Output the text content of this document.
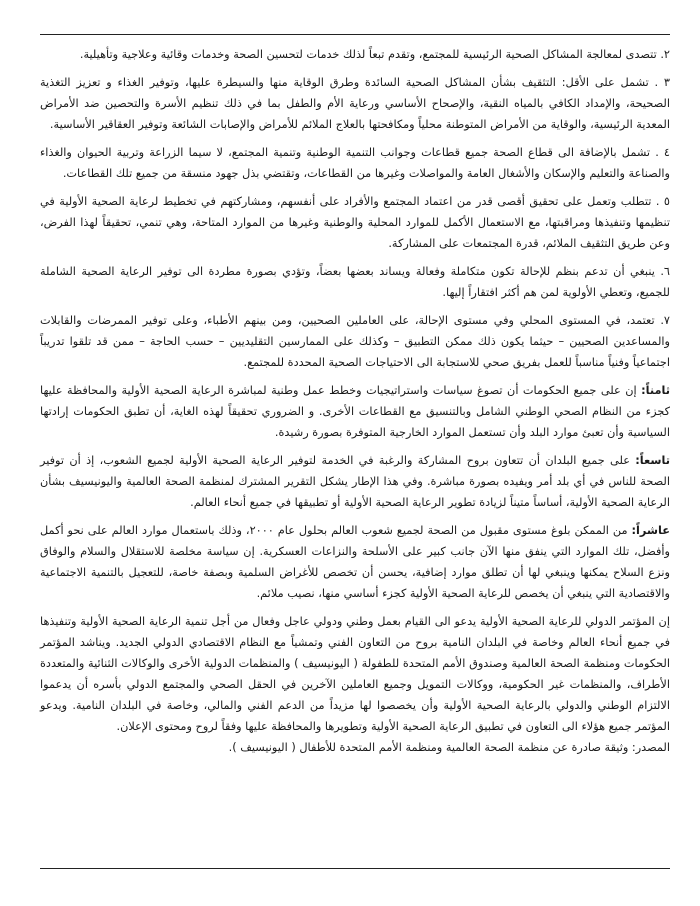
٢. تتصدى لمعالجة المشاكل الصحية الرئيسية للمجتمع، وتقدم تبعاً لذلك خدمات لتحسين الصحة وخدمات وقائية وعلاجية وتأهيلية.

٣ . تشمل على الأقل: التثقيف بشأن المشاكل الصحية السائدة وطرق الوقاية منها والسيطرة عليها، وتوفير الغذاء و تعزيز التغذية الصحيحة، والإمداد الكافي بالمياه النقية، والإصحاح الأساسي ورعاية الأم والطفل بما في ذلك تنظيم الأسرة والتحصين ضد الأمراض المعدية الرئيسية، والوقاية من الأمراض المتوطنة محلياً ومكافحتها بالعلاج الملائم للأمراض والإصابات الشائعة وتوفير العقاقير الأساسية.

٤ . تشمل بالإضافة الى قطاع الصحة جميع قطاعات وجوانب التنمية الوطنية وتنمية المجتمع، لا سيما الزراعة وتربية الحيوان والغذاء والصناعة والتعليم والإسكان والأشغال العامة والمواصلات وغيرها من القطاعات، وتقتضي بذل جهود منسقة من جميع تلك القطاعات.

٥ . تتطلب وتعمل على تحقيق أقصى قدر من اعتماد المجتمع والأفراد على أنفسهم، ومشاركتهم في تخطيط لرعاية الصحية الأولية في تنظيمها وتنفيذها ومراقبتها، مع الاستعمال الأكمل للموارد المحلية والوطنية وغيرها من الموارد المتاحة، وهي تنمي، تحقيقاً لهذا الفرض، وعن طريق التثقيف الملائم، قدرة المجتمعات على المشاركة.

٦. ينبغي أن تدعم بنظم للإحالة تكون متكاملة وفعالة ويساند بعضها بعضاً، وتؤدي بصورة مطردة الى توفير الرعاية الصحية الشاملة للجميع، وتعطي الأولوية لمن هم أكثر افتقاراً إليها.

٧. تعتمد، في المستوى المحلي وفي مستوى الإحالة، على العاملين الصحيين، ومن بينهم الأطباء، وعلى توفير الممرضات والقابلات والمساعدين الصحيين – حيثما يكون ذلك ممكن التطبيق – وكذلك على الممارسين التقليديين – حسب الحاجة – ممن قد تلقوا تدريباً اجتماعياً وفنياً مناسباً للعمل بفريق صحي للاستجابة الى الاحتياجات الصحية المحددة للمجتمع.

ثامناً: إن على جميع الحكومات أن تصوغ سياسات واستراتيجيات وخطط عمل وطنية لمباشرة الرعاية الصحية الأولية والمحافظة عليها كجزء من النظام الصحي الوطني الشامل وبالتنسيق مع القطاعات الأخرى. و الضروري تحقيقاً لهذه الغاية، أن تطبق الحكومات إرادتها السياسية وأن تعبئ موارد البلد وأن تستعمل الموارد الخارجية المتوفرة بصورة رشيدة.

تاسعاً: على جميع البلدان أن تتعاون بروح المشاركة والرغبة في الخدمة لتوفير الرعاية الصحية الأولية لجميع الشعوب، إذ أن توفير الصحة للناس في أي بلد أمر ويفيده بصورة مباشرة. وفي هذا الإطار يشكل التقرير المشترك لمنظمة الصحة العالمية واليونيسيف بشأن الرعاية الصحية الأولية، أساساً متيناً لزيادة تطوير الرعاية الصحية الأولية أو تطبيقها في جميع أنحاء العالم.

عاشراً: من الممكن بلوغ مستوى مقبول من الصحة لجميع شعوب العالم بحلول عام ٢٠٠٠، وذلك باستعمال موارد العالم على نحو أكمل وأفضل، تلك الموارد التي ينفق منها الآن جانب كبير على الأسلحة والنزاعات العسكرية. إن سياسة مخلصة للاستقلال والسلام والوفاق ونزع السلاح يمكنها وينبغي لها أن تطلق موارد إضافية، يحسن أن تخصص للأغراض السلمية وبصفة خاصة، للتعجيل بالتنمية الاجتماعية والاقتصادية التي ينبغي أن يخصص للرعاية الصحية الأولية كجزء أساسي منها، نصيب ملائم.

إن المؤتمر الدولي للرعاية الصحية الأولية يدعو الى القيام بعمل وطني ودولي عاجل وفعال من أجل تنمية الرعاية الصحية الأولية وتنفيذها في جميع أنحاء العالم وخاصة في البلدان النامية بروح من التعاون الفني وتمشياً مع النظام الاقتصادي الدولي الجديد. ويناشد المؤتمر الحكومات ومنظمة الصحة العالمية وصندوق الأمم المتحدة للطفولة ( اليونيسيف ) والمنظمات الدولية الأخرى والوكالات الثنائية والمتعددة الأطراف، والمنظمات غير الحكومية، ووكالات التمويل وجميع العاملين الآخرين في الحقل الصحي والمجتمع الدولي بأسره أن يدعموا الالتزام الوطني والدولي بالرعاية الصحية الأولية وأن يخصصوا لها مزيداً من الدعم الفني والمالي، وخاصة في البلدان النامية. ويدعو المؤتمر جميع هؤلاء الى التعاون في تطبيق الرعاية الصحية الأولية وتطويرها والمحافظة عليها وفقاً لروح ومحتوى الإعلان.

المصدر: وثيقة صادرة عن منظمة الصحة العالمية ومنظمة الأمم المتحدة للأطفال ( اليونيسيف ).
